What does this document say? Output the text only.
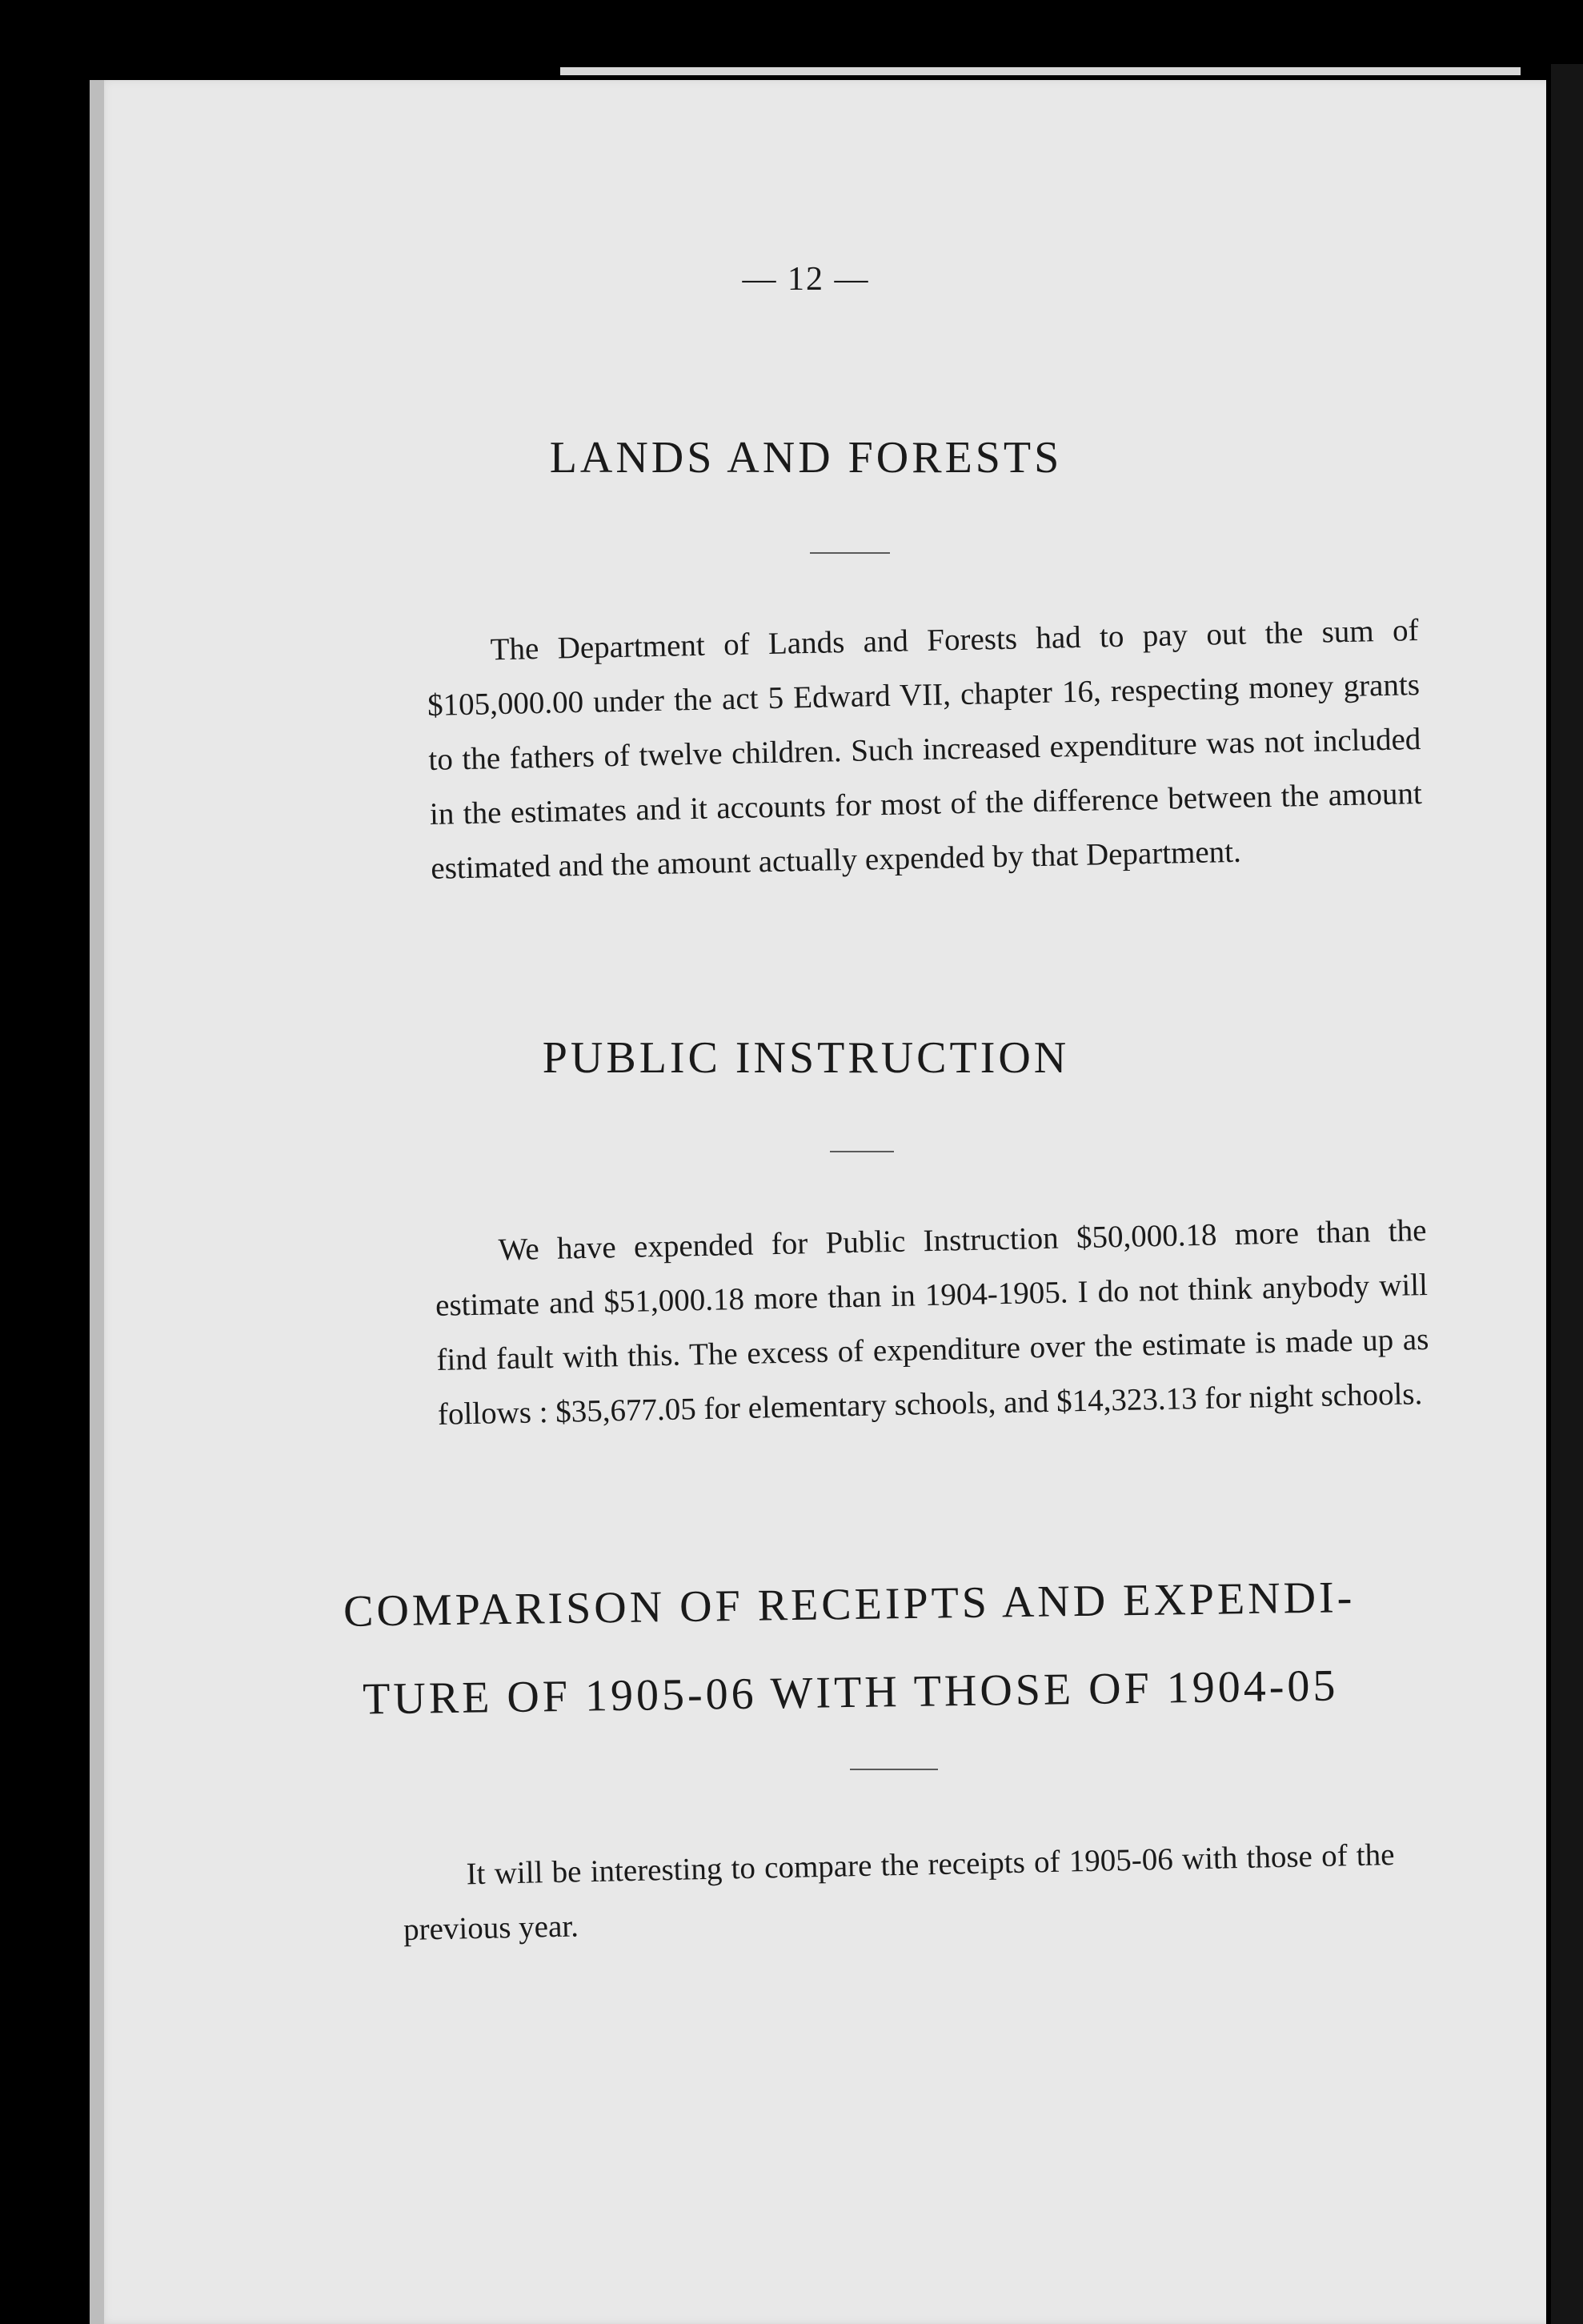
— 12 —
LANDS AND FORESTS

The Department of Lands and Forests had to pay out the sum of $105,000.00 under the act 5 Edward VII, chapter 16, respecting money grants to the fathers of twelve children. Such increased expenditure was not included in the estimates and it accounts for most of the difference between the amount estimated and the amount actually expended by that Department.

PUBLIC INSTRUCTION

We have expended for Public Instruction $50,000.18 more than the estimate and $51,000.18 more than in 1904-1905. I do not think anybody will find fault with this. The excess of expenditure over the estimate is made up as follows : $35,677.05 for elementary schools, and $14,323.13 for night schools.

COMPARISON OF RECEIPTS AND EXPENDI-
TURE OF 1905-06 WITH THOSE OF 1904-05

It will be interesting to compare the receipts of 1905-06 with those of the previous year.
